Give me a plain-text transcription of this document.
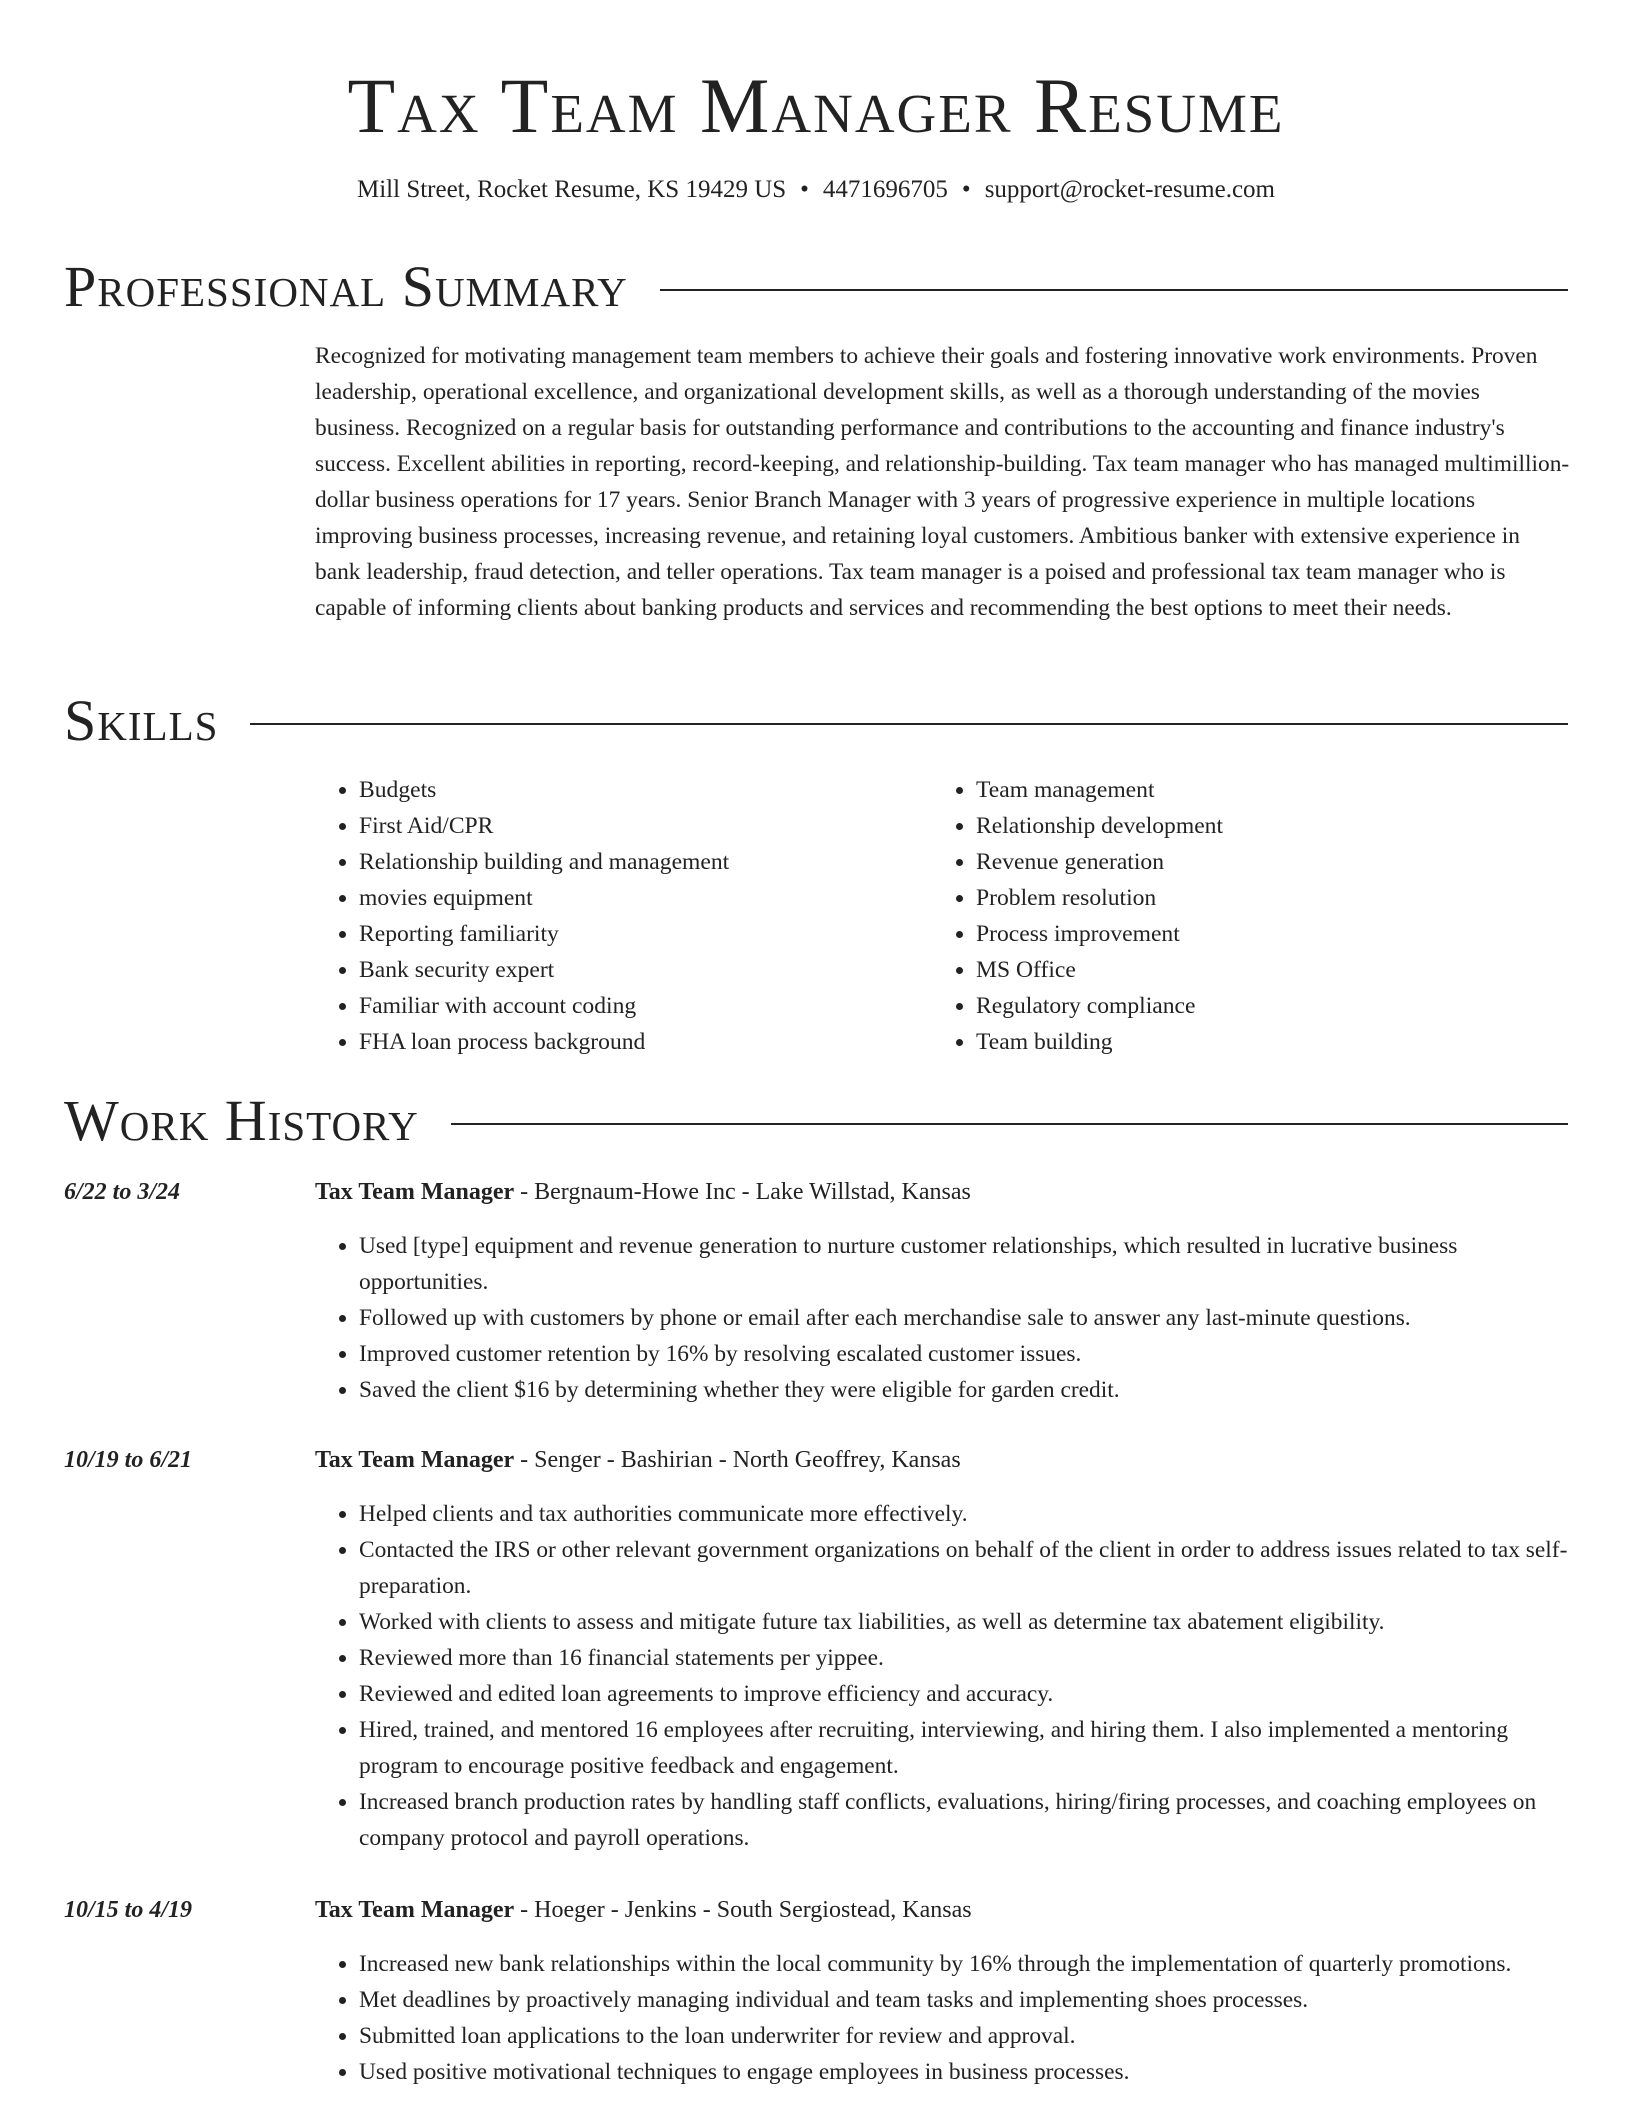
Tax Team Manager Resume
Mill Street, Rocket Resume, KS 19429 US • 4471696705 • support@rocket-resume.com
Professional Summary

Recognized for motivating management team members to achieve their goals and fostering innovative work environments. Proven leadership, operational excellence, and organizational development skills, as well as a thorough understanding of the movies business. Recognized on a regular basis for outstanding performance and contributions to the accounting and finance industry's success. Excellent abilities in reporting, record-keeping, and relationship-building. Tax team manager who has managed multimillion-dollar business operations for 17 years. Senior Branch Manager with 3 years of progressive experience in multiple locations improving business processes, increasing revenue, and retaining loyal customers. Ambitious banker with extensive experience in bank leadership, fraud detection, and teller operations. Tax team manager is a poised and professional tax team manager who is capable of informing clients about banking products and services and recommending the best options to meet their needs.

Skills
• Budgets
• First Aid/CPR
• Relationship building and management
• movies equipment
• Reporting familiarity
• Bank security expert
• Familiar with account coding
• FHA loan process background
• Team management
• Relationship development
• Revenue generation
• Problem resolution
• Process improvement
• MS Office
• Regulatory compliance
• Team building
Work History
6/22 to 3/24	Tax Team Manager - Bergnaum-Howe Inc - Lake Willstad, Kansas
• Used [type] equipment and revenue generation to nurture customer relationships, which resulted in lucrative business opportunities.
• Followed up with customers by phone or email after each merchandise sale to answer any last-minute questions.
• Improved customer retention by 16% by resolving escalated customer issues.
• Saved the client $16 by determining whether they were eligible for garden credit.
10/19 to 6/21	Tax Team Manager - Senger - Bashirian - North Geoffrey, Kansas
• Helped clients and tax authorities communicate more effectively.
• Contacted the IRS or other relevant government organizations on behalf of the client in order to address issues related to tax self-preparation.
• Worked with clients to assess and mitigate future tax liabilities, as well as determine tax abatement eligibility.
• Reviewed more than 16 financial statements per yippee.
• Reviewed and edited loan agreements to improve efficiency and accuracy.
• Hired, trained, and mentored 16 employees after recruiting, interviewing, and hiring them. I also implemented a mentoring program to encourage positive feedback and engagement.
• Increased branch production rates by handling staff conflicts, evaluations, hiring/firing processes, and coaching employees on company protocol and payroll operations.
10/15 to 4/19	Tax Team Manager - Hoeger - Jenkins - South Sergiostead, Kansas
• Increased new bank relationships within the local community by 16% through the implementation of quarterly promotions.
• Met deadlines by proactively managing individual and team tasks and implementing shoes processes.
• Submitted loan applications to the loan underwriter for review and approval.
• Used positive motivational techniques to engage employees in business processes.
